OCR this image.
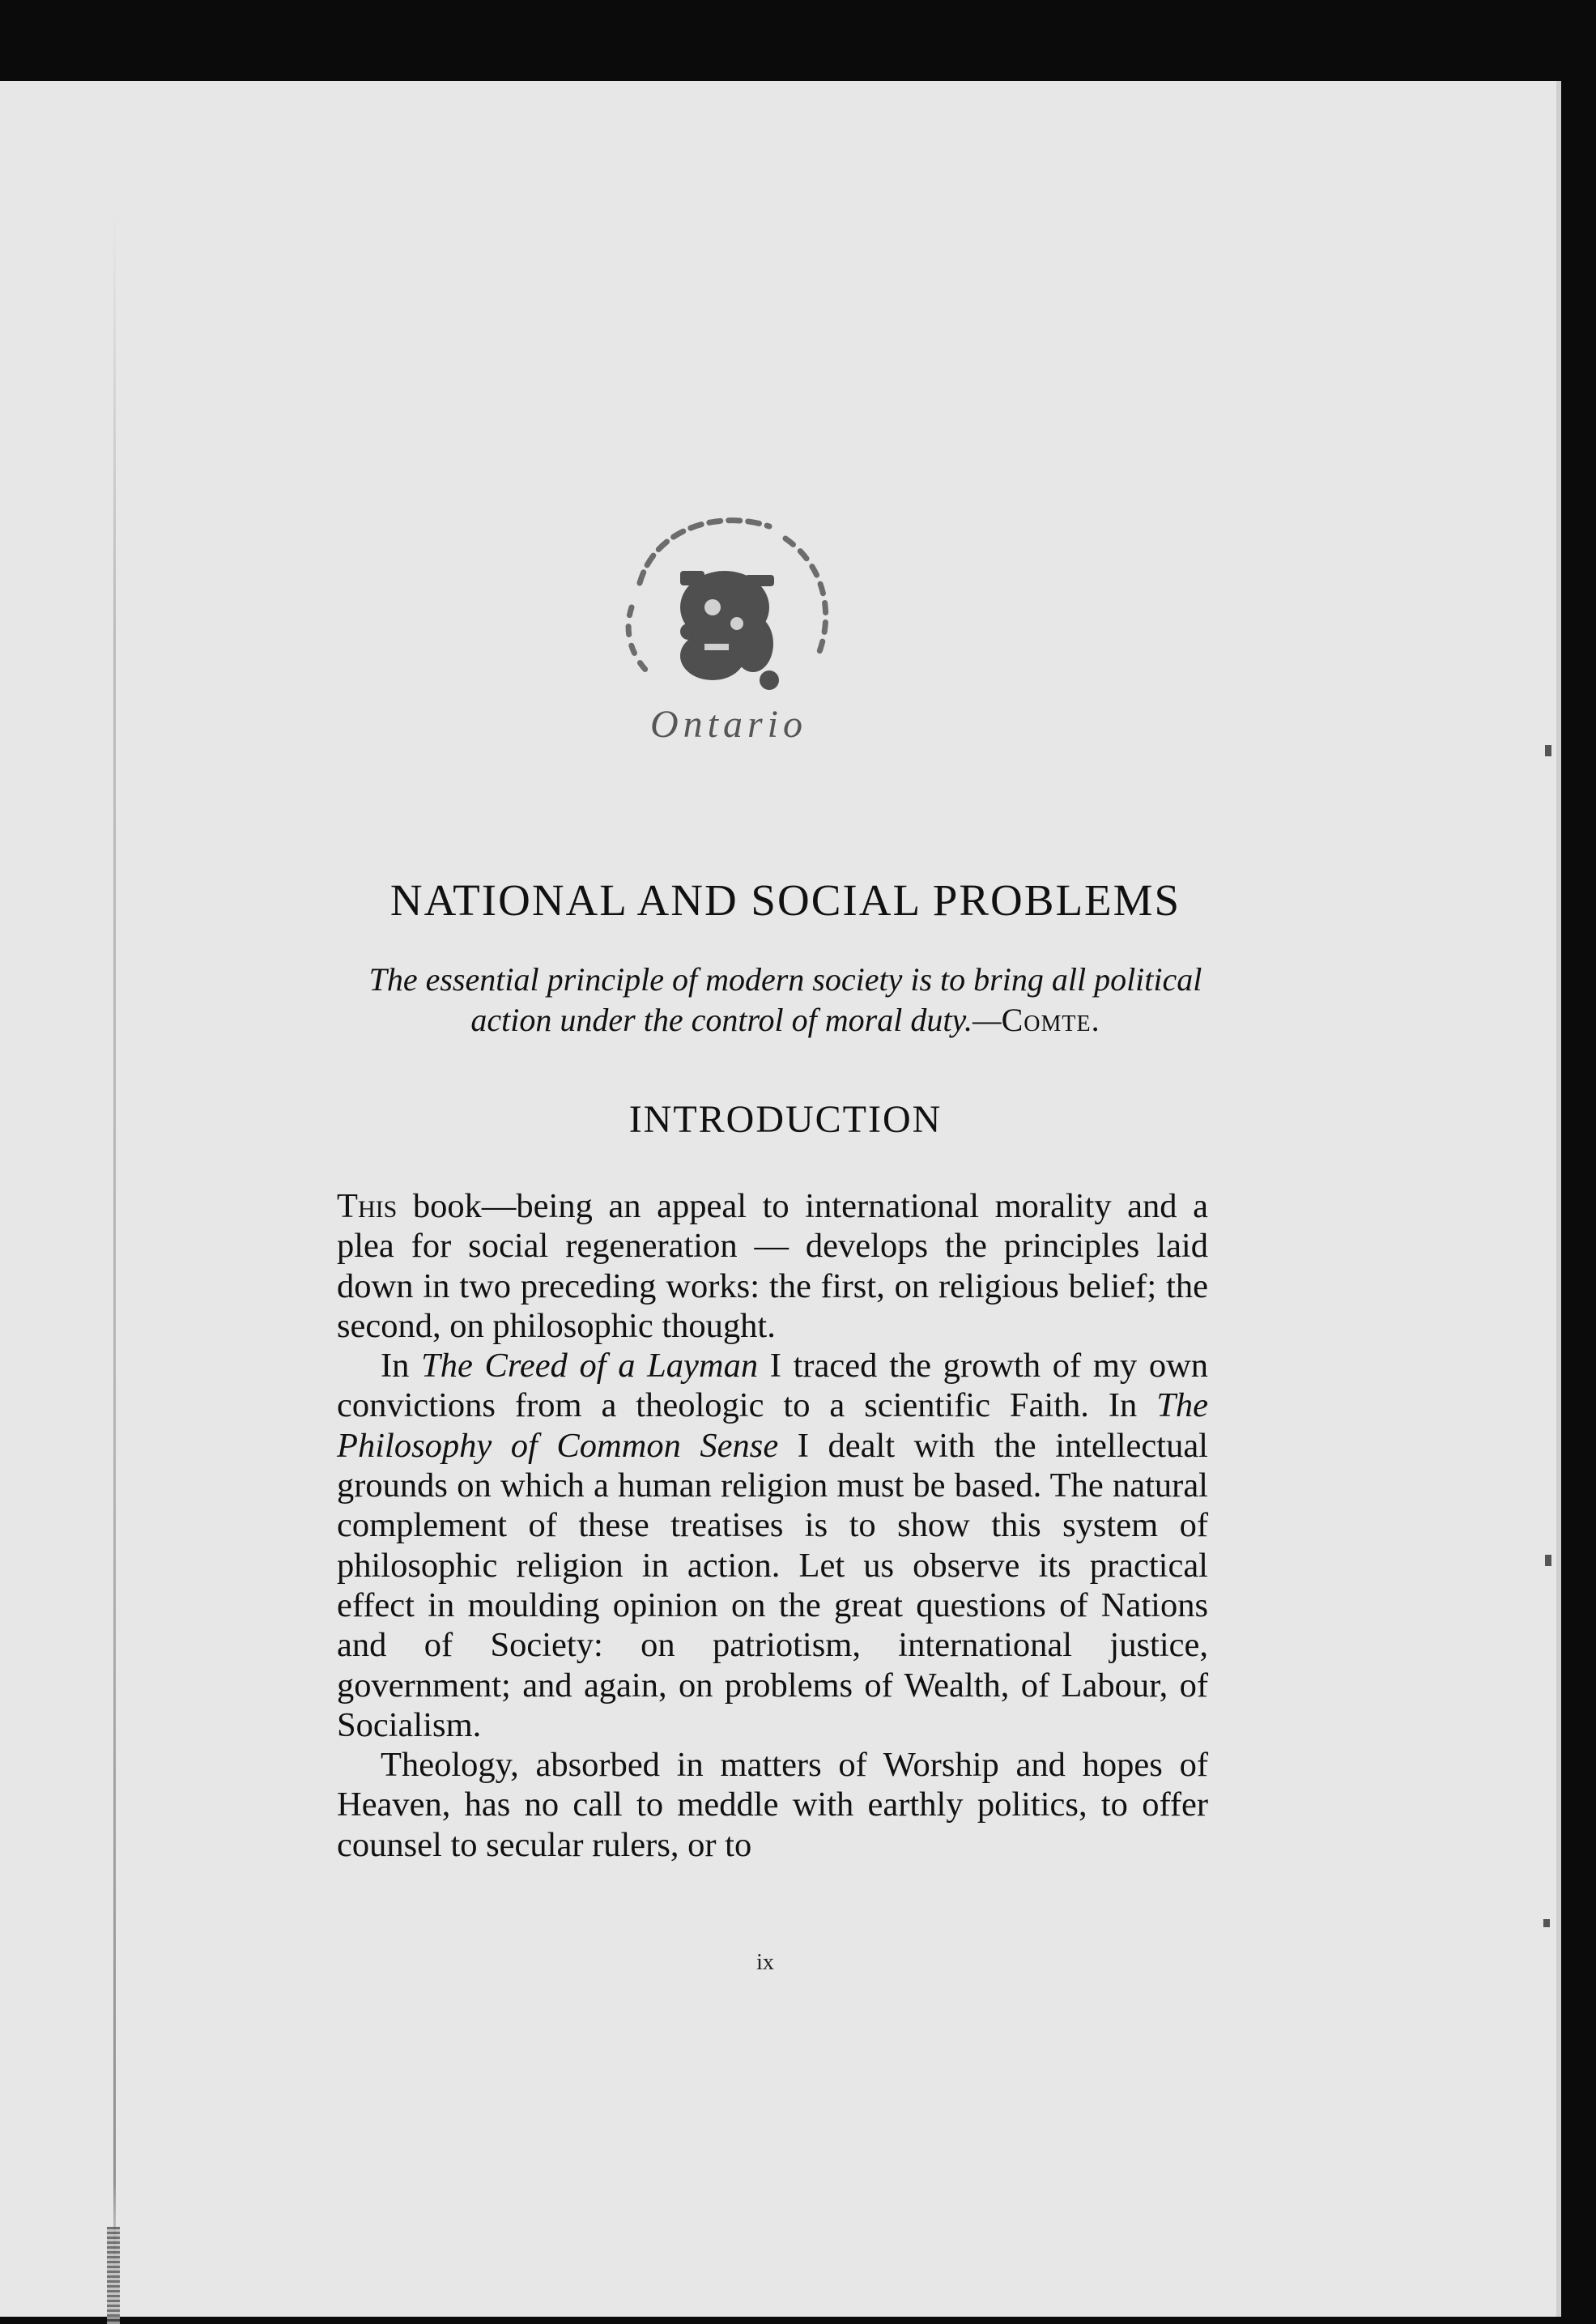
Ontario
NATIONAL AND SOCIAL PROBLEMS
The essential principle of modern society is to bring all political action under the control of moral duty.—Comte.
INTRODUCTION

This book—being an appeal to international morality and a plea for social regeneration — develops the principles laid down in two preceding works: the first, on religious belief; the second, on philosophic thought.

In The Creed of a Layman I traced the growth of my own convictions from a theologic to a scientific Faith. In The Philosophy of Common Sense I dealt with the intellectual grounds on which a human religion must be based. The natural complement of these treatises is to show this system of philosophic religion in action. Let us observe its practical effect in moulding opinion on the great questions of Nations and of Society: on patriotism, international justice, government; and again, on problems of Wealth, of Labour, of Socialism.

Theology, absorbed in matters of Worship and hopes of Heaven, has no call to meddle with earthly politics, to offer counsel to secular rulers, or to

ix
